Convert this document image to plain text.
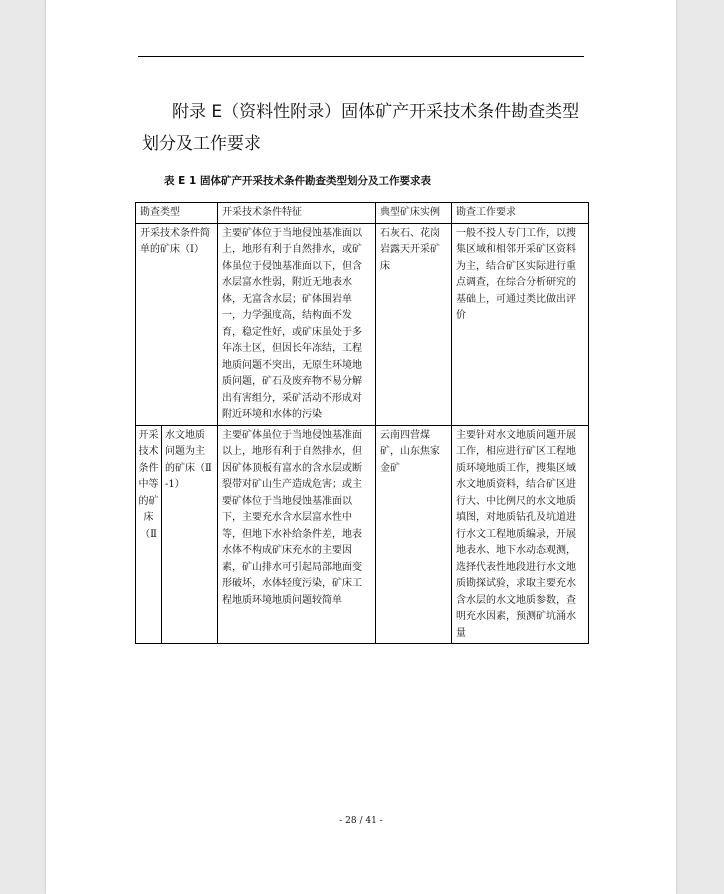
附录 E（资料性附录）固体矿产开采技术条件勘查类型划分及工作要求
表 E 1 固体矿产开采技术条件勘查类型划分及工作要求表
勘查类型		开采技术条件特征	典型矿床实例	勘查工作要求
开采技术条件简单的矿床（Ⅰ）		主要矿体位于当地侵蚀基准面以上，地形有利于自然排水，或矿体虽位于侵蚀基准面以下，但含水层富水性弱，附近无地表水体，无富含水层；矿体围岩单一，力学强度高，结构面不发育，稳定性好，或矿床虽处于多年冻土区，但因长年冻结，工程地质问题不突出，无原生环境地质问题，矿石及废弃物不易分解出有害组分，采矿活动不形成对附近环境和水体的污染	石灰石、花岗岩露天开采矿床	一般不投人专门工作，以搜集区域和相邻开采矿区资料为主，结合矿区实际进行重点调查，在综合分析研究的基础上，可通过类比做出评价
开采技术条件中等的矿床（Ⅱ	水文地质问题为主的矿床（Ⅱ-1）	主要矿体虽位于当地侵蚀基准面以上，地形有利于自然排水，但因矿体顶板有富水的含水层或断裂带对矿山生产造成危害；或主要矿体位于当地侵蚀基准面以下，主要充水含水层富水性中等，但地下水补给条件差，地表水体不构成矿床充水的主要因素，矿山排水可引起局部地面变形破坏，水体轻度污染，矿床工程地质环境地质问题较简单	云南四营煤矿，山东焦家金矿	主要针对水文地质问题开展工作，相应进行矿区工程地质环境地质工作，搜集区域水文地质资料，结合矿区进行大、中比例尺的水文地质填图，对地质钻孔及坑道进行水文工程地质编录，开展地表水、地下水动态观测，选择代表性地段进行水文地质勘探试验，求取主要充水含水层的水文地质参数，查明充水因素，预测矿坑涌水量
- 28 / 41 -
